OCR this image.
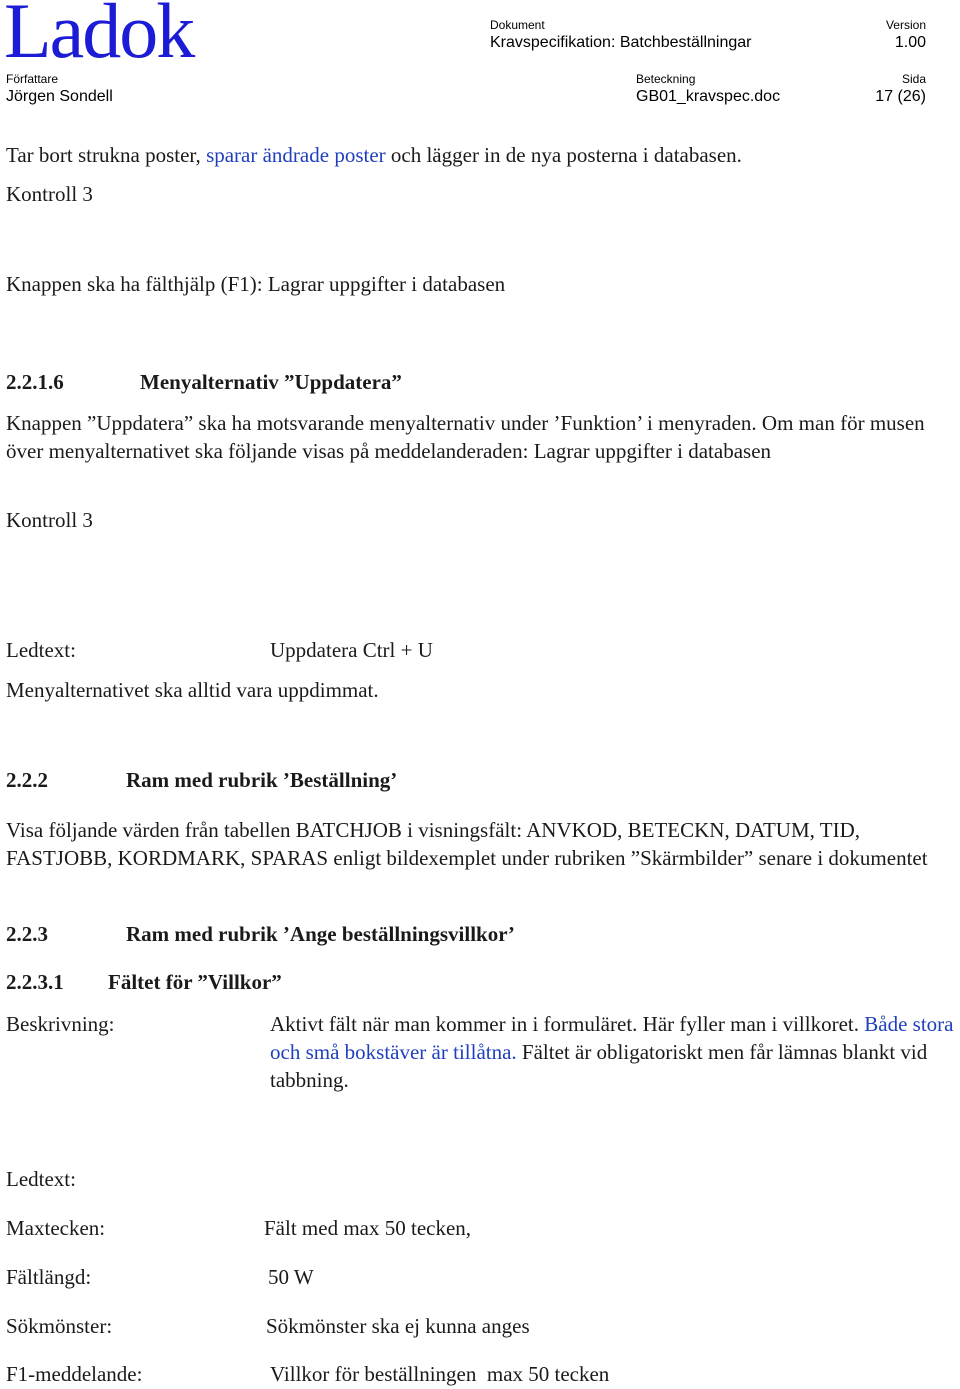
Ladok	Dokument
Kravspecifikation: Batchbeställningar
Version
1.00
Författare
Jörgen Sondell
Beteckning
GB01_kravspec.doc
Sida
17 (26)
Tar bort strukna poster, sparar ändrade poster och lägger in de nya posterna i databasen.
Kontroll 3
Knappen ska ha fälthjälp (F1): Lagrar uppgifter i databasen
2.2.1.6	Menyalternativ ”Uppdatera”
Knappen ”Uppdatera” ska ha motsvarande menyalternativ under ’Funktion’ i menyraden. Om man för musen över menyalternativet ska följande visas på meddelanderaden: Lagrar uppgifter i databasen
Kontroll 3
Ledtext:	Uppdatera Ctrl + U
Menyalternativet ska alltid vara uppdimmat.
2.2.2	Ram med rubrik ’Beställning’
Visa följande värden från tabellen BATCHJOB i visningsfält: ANVKOD, BETECKN, DATUM, TID, FASTJOBB, KORDMARK, SPARAS enligt bildexemplet under rubriken ”Skärmbilder” senare i dokumentet
2.2.3	Ram med rubrik ’Ange beställningsvillkor’
2.2.3.1 Fältet för ”Villkor”
Beskrivning:	Aktivt fält när man kommer in i formuläret. Här fyller man i villkoret. Både stora och små bokstäver är tillåtna. Fältet är obligatoriskt men får lämnas blankt vid tabbning.
Ledtext:
Maxtecken:	Fält med max 50 tecken,
Fältlängd:	50 W
Sökmönster:	Sökmönster ska ej kunna anges
F1-meddelande:	Villkor för beställningen  max 50 tecken
